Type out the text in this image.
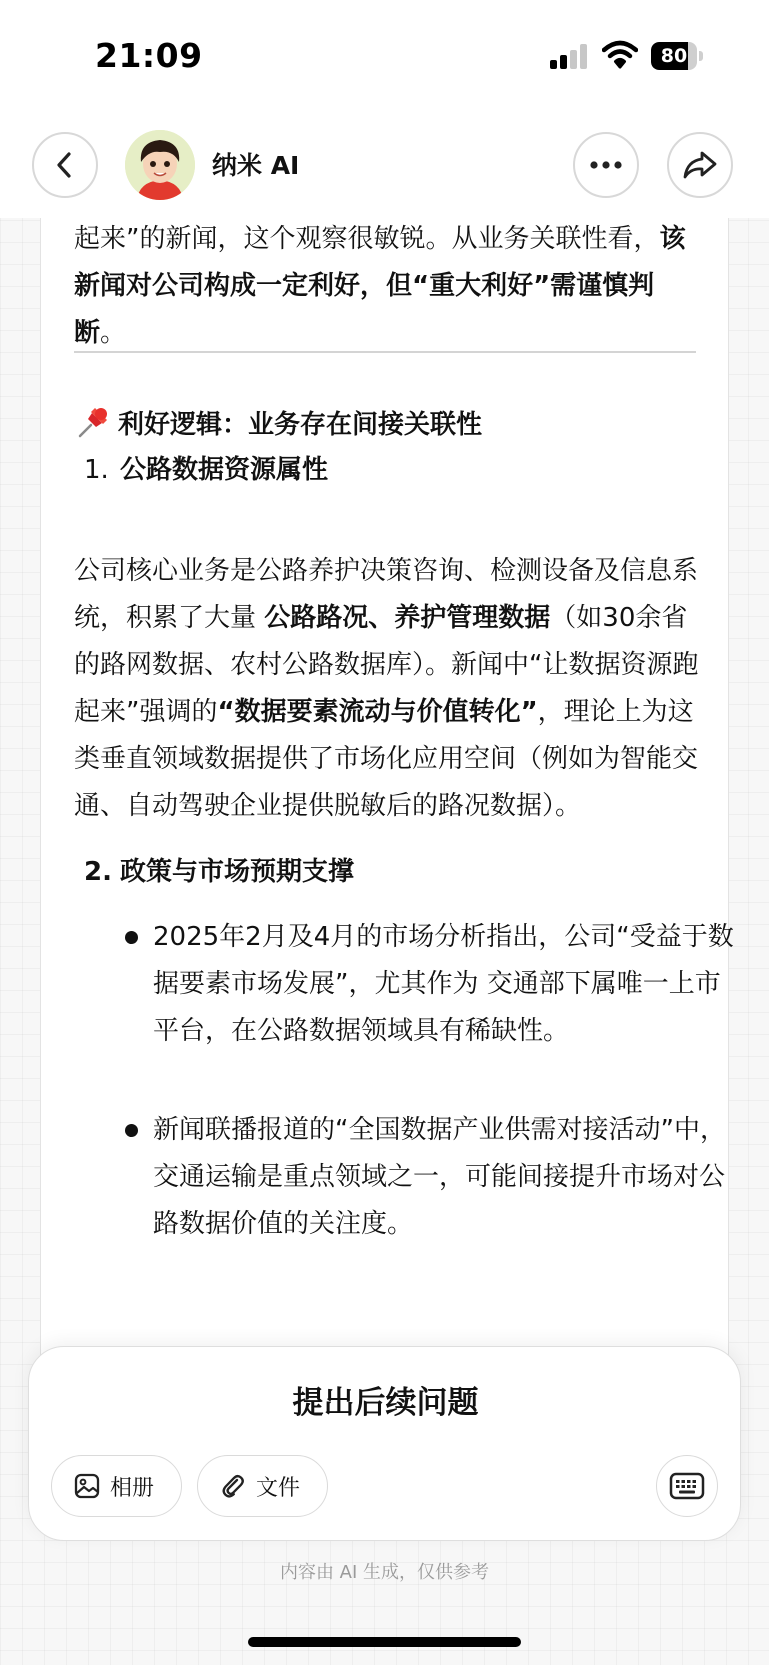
21:09	80
纳米 AI
起来”的新闻，这个观察很敏锐。从业务关联性看，该新闻对公司构成一定利好，但“重大利好”需谨慎判断。
利好逻辑：业务存在间接关联性
1. 公路数据资源属性
公司核心业务是公路养护决策咨询、检测设备及信息系统，积累了大量 公路路况、养护管理数据（如30余省的路网数据、农村公路数据库）。新闻中“让数据资源跑起来”强调的“数据要素流动与价值转化”，理论上为这类垂直领域数据提供了市场化应用空间（例如为智能交通、自动驾驶企业提供脱敏后的路况数据）。
2. 政策与市场预期支撑
2025年2月及4月的市场分析指出，公司“受益于数据要素市场发展”，尤其作为 交通部下属唯一上市平台，在公路数据领域具有稀缺性。
新闻联播报道的“全国数据产业供需对接活动”中，交通运输是重点领域之一，可能间接提升市场对公路数据价值的关注度。
提出后续问题
相册	文件
内容由 AI 生成，仅供参考
